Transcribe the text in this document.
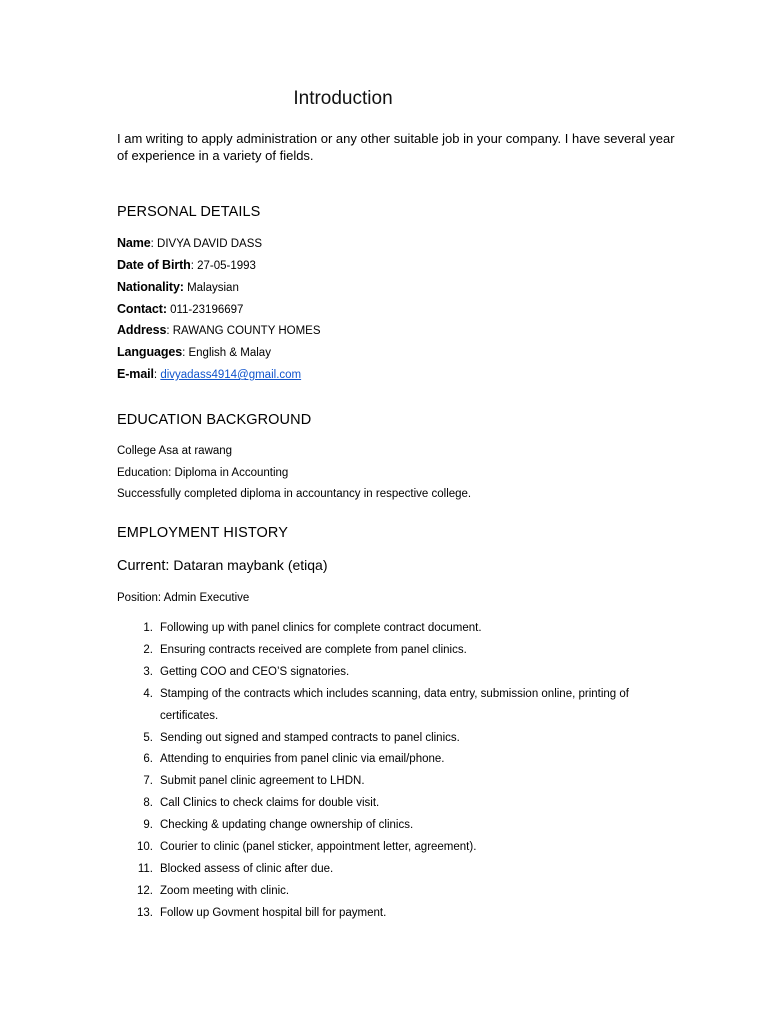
Introduction

I am writing to apply administration or any other suitable job in your company. I have several year of experience in a variety of fields.

PERSONAL DETAILS
Name: DIVYA DAVID DASS
Date of Birth: 27-05-1993
Nationality: Malaysian
Contact: 011-23196697
Address: RAWANG COUNTY HOMES
Languages: English & Malay
E-mail: divyadass4914@gmail.com
EDUCATION BACKGROUND
College Asa at rawang
Education: Diploma in Accounting
Successfully completed diploma in accountancy in respective college.
EMPLOYMENT HISTORY
Current: Dataran maybank (etiqa)
Position: Admin Executive
1. Following up with panel clinics for complete contract document.
2. Ensuring contracts received are complete from panel clinics.
3. Getting COO and CEO’S signatories.
4. Stamping of the contracts which includes scanning, data entry, submission online, printing of certificates.
5. Sending out signed and stamped contracts to panel clinics.
6. Attending to enquiries from panel clinic via email/phone.
7. Submit panel clinic agreement to LHDN.
8. Call Clinics to check claims for double visit.
9. Checking & updating change ownership of clinics.
10. Courier to clinic (panel sticker, appointment letter, agreement).
11. Blocked assess of clinic after due.
12. Zoom meeting with clinic.
13. Follow up Govment hospital bill for payment.
